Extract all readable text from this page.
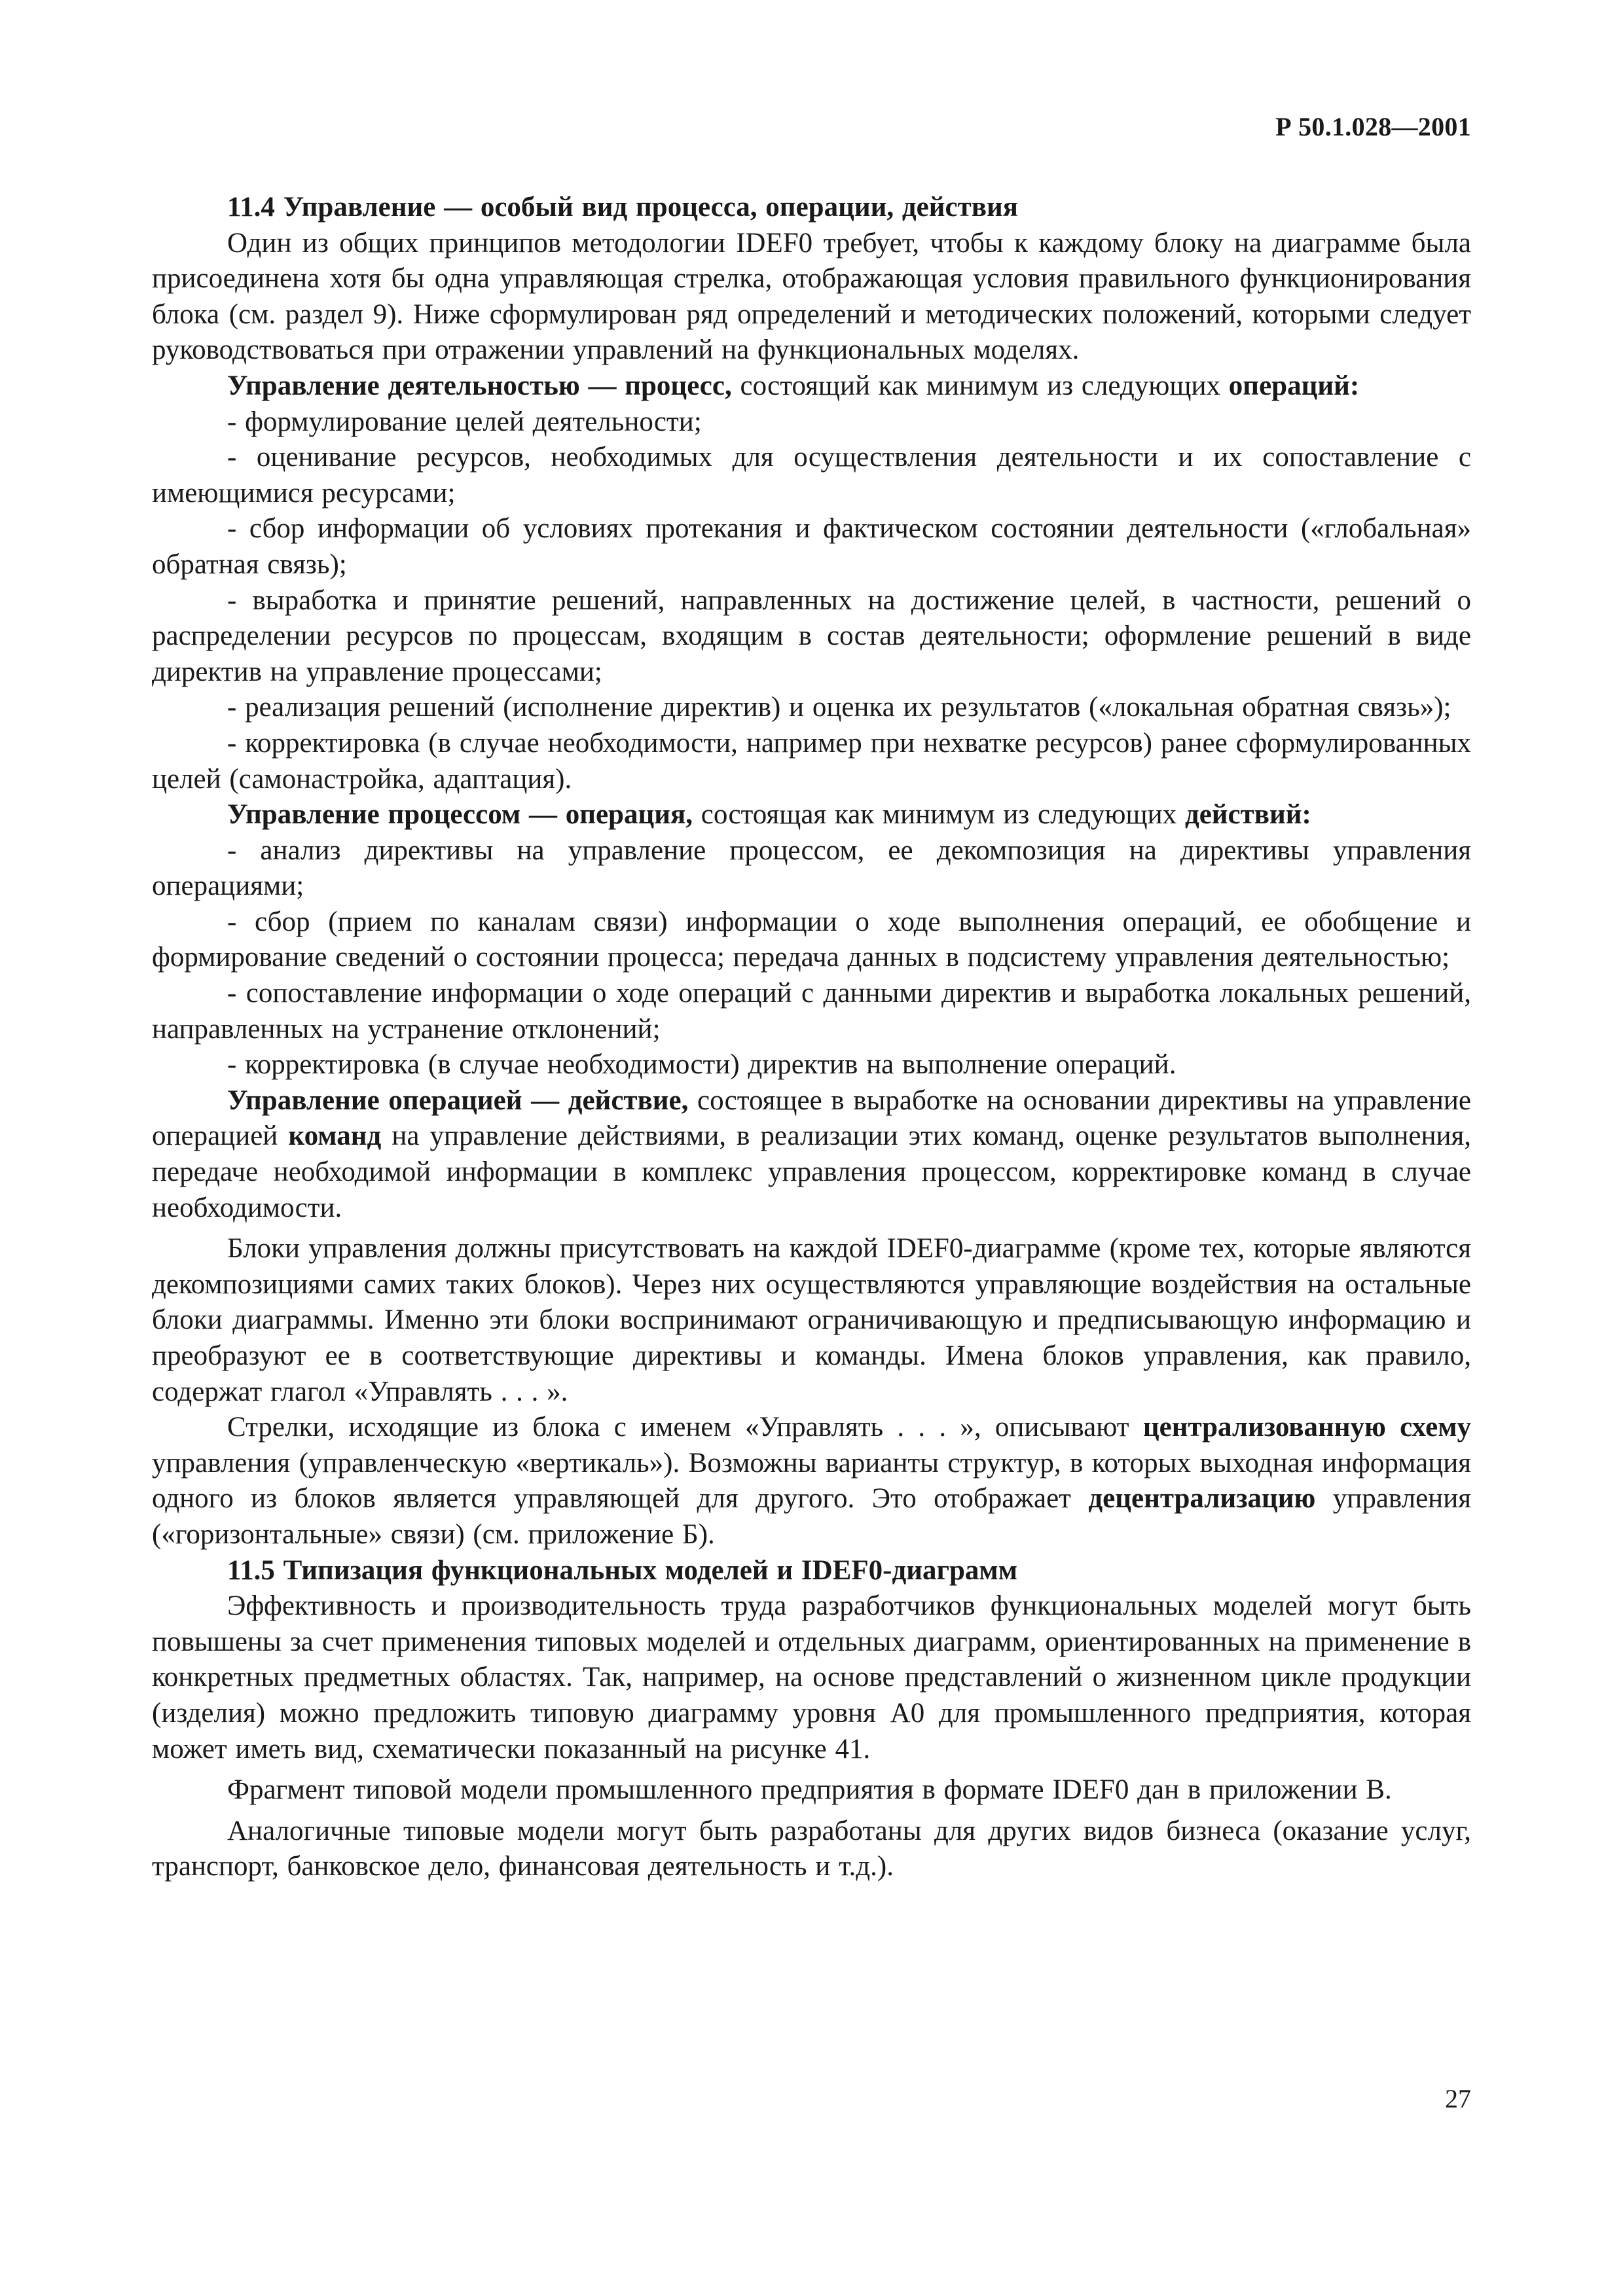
Р 50.1.028—2001

11.4 Управление — особый вид процесса, операции, действия

Один из общих принципов методологии IDEF0 требует, чтобы к каждому блоку на диаграмме была присоединена хотя бы одна управляющая стрелка, отображающая условия правильного функционирования блока (см. раздел 9). Ниже сформулирован ряд определений и методических положений, которыми следует руководствоваться при отражении управлений на функциональных моделях.

Управление деятельностью — процесс, состоящий как минимум из следующих операций:

- формулирование целей деятельности;

- оценивание ресурсов, необходимых для осуществления деятельности и их сопоставление с имеющимися ресурсами;

- сбор информации об условиях протекания и фактическом состоянии деятельности («глобальная» обратная связь);

- выработка и принятие решений, направленных на достижение целей, в частности, решений о распределении ресурсов по процессам, входящим в состав деятельности; оформление решений в виде директив на управление процессами;

- реализация решений (исполнение директив) и оценка их результатов («локальная обратная связь»);

- корректировка (в случае необходимости, например при нехватке ресурсов) ранее сформулированных целей (самонастройка, адаптация).

Управление процессом — операция, состоящая как минимум из следующих действий:

- анализ директивы на управление процессом, ее декомпозиция на директивы управления операциями;

- сбор (прием по каналам связи) информации о ходе выполнения операций, ее обобщение и формирование сведений о состоянии процесса; передача данных в подсистему управления деятельностью;

- сопоставление информации о ходе операций с данными директив и выработка локальных решений, направленных на устранение отклонений;

- корректировка (в случае необходимости) директив на выполнение операций.

Управление операцией — действие, состоящее в выработке на основании директивы на управление операцией команд на управление действиями, в реализации этих команд, оценке результатов выполнения, передаче необходимой информации в комплекс управления процессом, корректировке команд в случае необходимости.

Блоки управления должны присутствовать на каждой IDEF0-диаграмме (кроме тех, которые являются декомпозициями самих таких блоков). Через них осуществляются управляющие воздействия на остальные блоки диаграммы. Именно эти блоки воспринимают ограничивающую и предписывающую информацию и преобразуют ее в соответствующие директивы и команды. Имена блоков управления, как правило, содержат глагол «Управлять . . . ».

Стрелки, исходящие из блока с именем «Управлять . . . », описывают централизованную схему управления (управленческую «вертикаль»). Возможны варианты структур, в которых выходная информация одного из блоков является управляющей для другого. Это отображает децентрализацию управления («горизонтальные» связи) (см. приложение Б).

11.5 Типизация функциональных моделей и IDEF0-диаграмм

Эффективность и производительность труда разработчиков функциональных моделей могут быть повышены за счет применения типовых моделей и отдельных диаграмм, ориентированных на применение в конкретных предметных областях. Так, например, на основе представлений о жизненном цикле продукции (изделия) можно предложить типовую диаграмму уровня А0 для промышленного предприятия, которая может иметь вид, схематически показанный на рисунке 41.

Фрагмент типовой модели промышленного предприятия в формате IDEF0 дан в приложении В.

Аналогичные типовые модели могут быть разработаны для других видов бизнеса (оказание услуг, транспорт, банковское дело, финансовая деятельность и т.д.).

27
